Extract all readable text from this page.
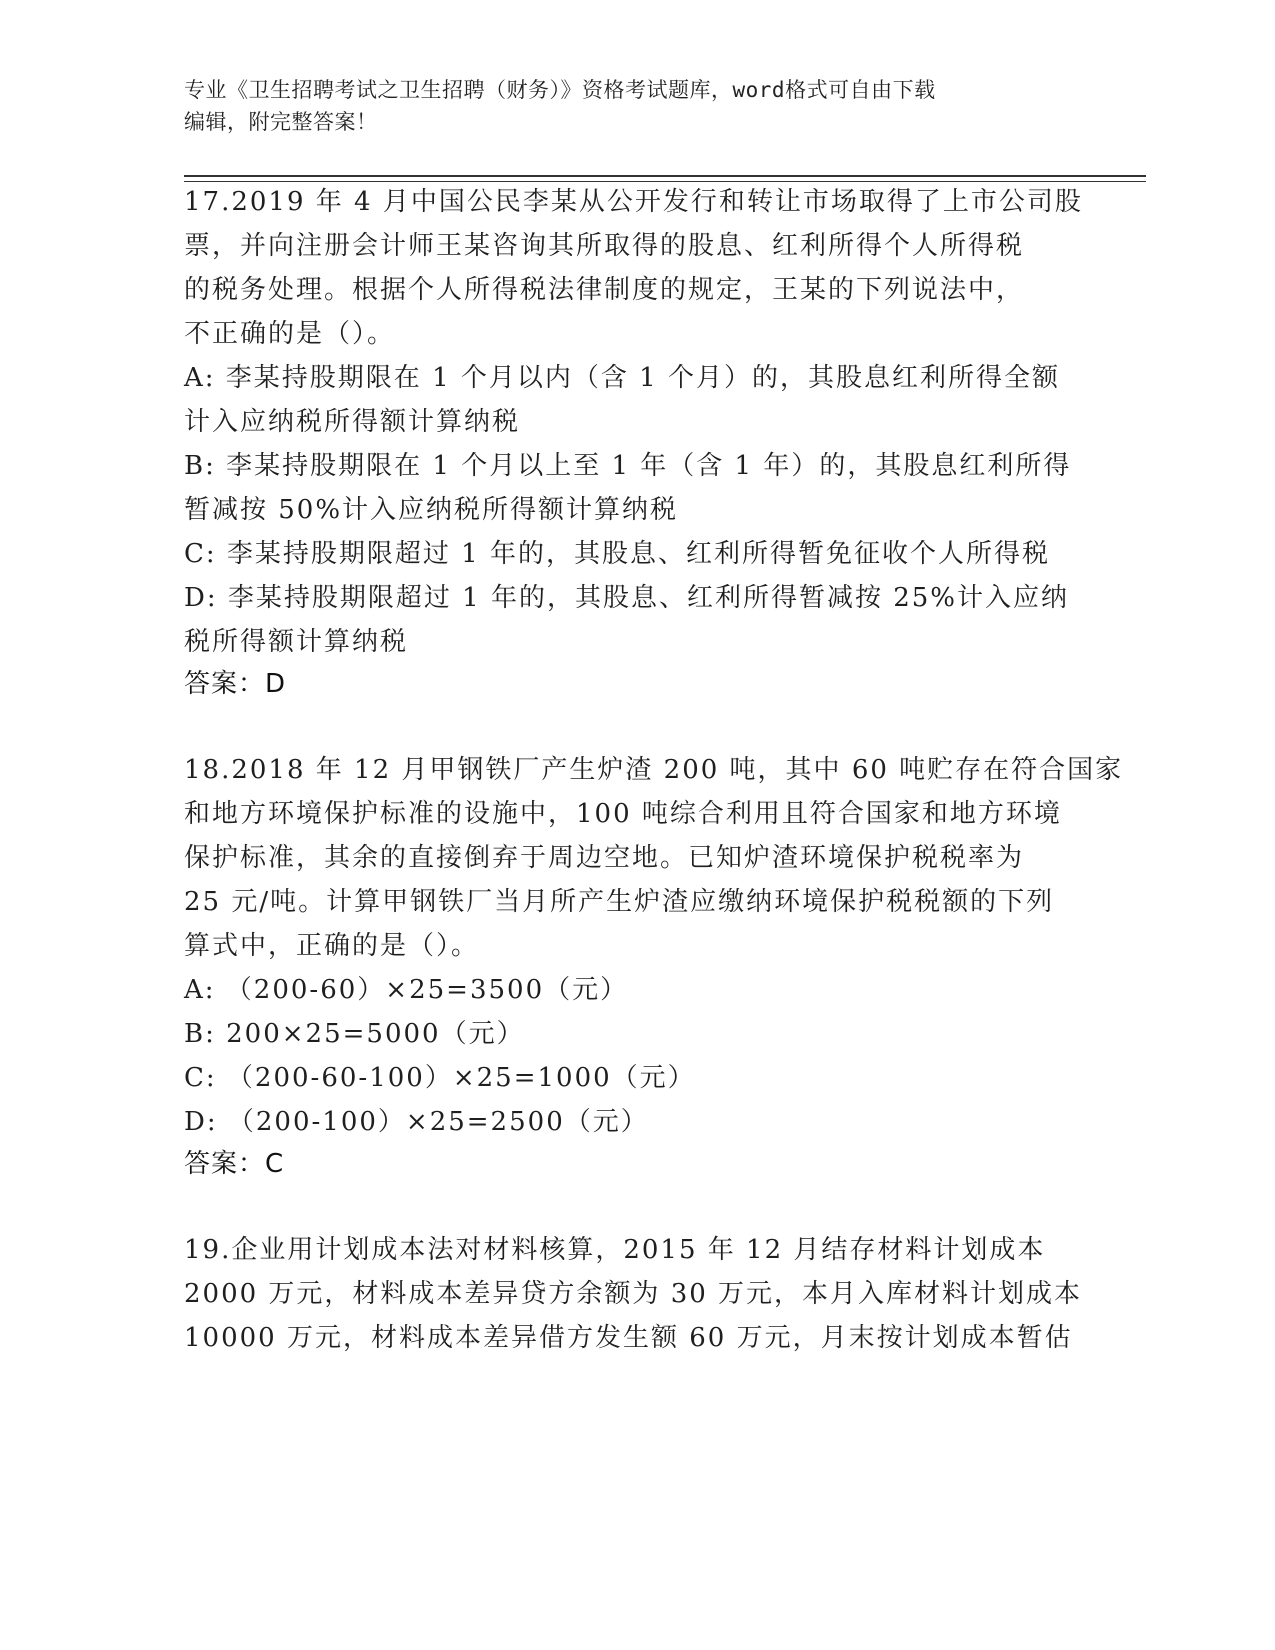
专业《卫生招聘考试之卫生招聘（财务）》资格考试题库，word格式可自由下载
编辑，附完整答案！
17.2019 年 4 月中国公民李某从公开发行和转让市场取得了上市公司股
票，并向注册会计师王某咨询其所取得的股息、红利所得个人所得税
的税务处理。根据个人所得税法律制度的规定，王某的下列说法中，
不正确的是（）。
A: 李某持股期限在 1 个月以内（含 1 个月）的，其股息红利所得全额
计入应纳税所得额计算纳税
B: 李某持股期限在 1 个月以上至 1 年（含 1 年）的，其股息红利所得
暂减按 50%计入应纳税所得额计算纳税
C: 李某持股期限超过 1 年的，其股息、红利所得暂免征收个人所得税
D: 李某持股期限超过 1 年的，其股息、红利所得暂减按 25%计入应纳
税所得额计算纳税
答案：D
18.2018 年 12 月甲钢铁厂产生炉渣 200 吨，其中 60 吨贮存在符合国家
和地方环境保护标准的设施中，100 吨综合利用且符合国家和地方环境
保护标准，其余的直接倒弃于周边空地。已知炉渣环境保护税税率为
25 元/吨。计算甲钢铁厂当月所产生炉渣应缴纳环境保护税税额的下列
算式中，正确的是（）。
A: （200-60）×25=3500（元）
B: 200×25=5000（元）
C: （200-60-100）×25=1000（元）
D: （200-100）×25=2500（元）
答案：C
19.企业用计划成本法对材料核算，2015 年 12 月结存材料计划成本
2000 万元，材料成本差异贷方余额为 30 万元，本月入库材料计划成本
10000 万元，材料成本差异借方发生额 60 万元，月末按计划成本暂估
